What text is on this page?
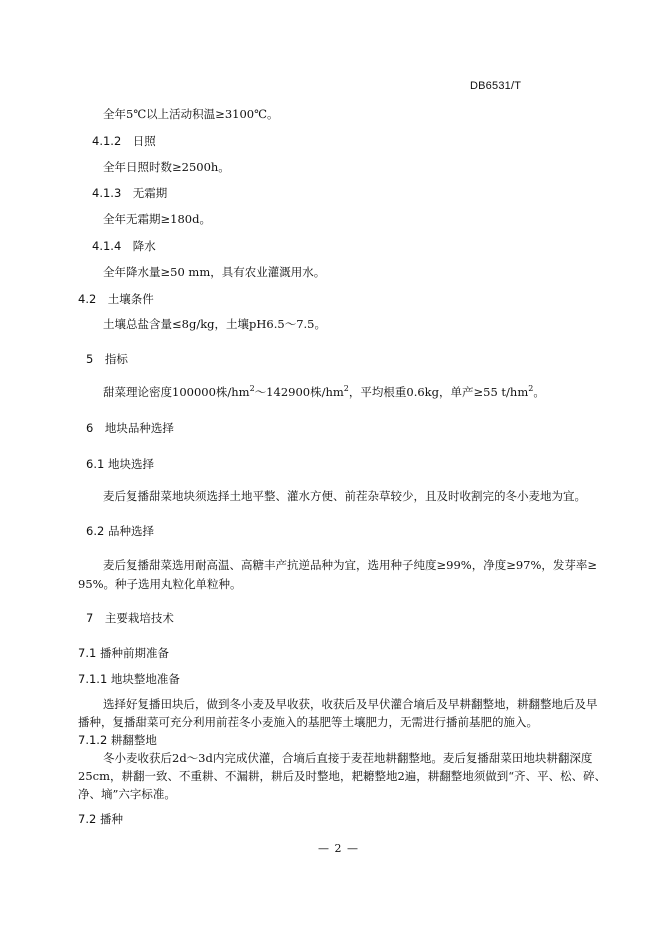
DB6531/T
全年5℃以上活动积温≥3100℃。
4.1.2　日照
全年日照时数≥2500h。
4.1.3　无霜期
全年无霜期≥180d。
4.1.4　降水
全年降水量≥50 mm，具有农业灌溉用水。
4.2　土壤条件
土壤总盐含量≤8g/kg，土壤pH6.5～7.5。
5　指标
甜菜理论密度100000株$/hm^2\sim 142900$株$/hm^2$，平均根重0.6kg，单产≥55 $t/hm^2$。
6　地块品种选择
6.1 地块选择
麦后复播甜菜地块须选择土地平整、灌水方便、前茬杂草较少，且及时收割完的冬小麦地为宜。
6.2 品种选择
麦后复播甜菜选用耐高温、高糖丰产抗逆品种为宜，选用种子纯度≥99%，净度≥97%，发芽率≥
95%。种子选用丸粒化单粒种。
7　主要栽培技术
7.1 播种前期准备
7.1.1 地块整地准备
选择好复播田块后，做到冬小麦及早收获，收获后及早伏灌合墒后及早耕翻整地，耕翻整地后及早
播种，复播甜菜可充分利用前茬冬小麦施入的基肥等土壤肥力，无需进行播前基肥的施入。
7.1.2 耕翻整地
冬小麦收获后2d～3d内完成伏灌，合墒后直接于麦茬地耕翻整地。麦后复播甜菜田地块耕翻深度
25cm，耕翻一致、不重耕、不漏耕，耕后及时整地，耙耱整地2遍，耕翻整地须做到“齐、平、松、碎、
净、墒”六字标准。
7.2 播种
— 2 —
